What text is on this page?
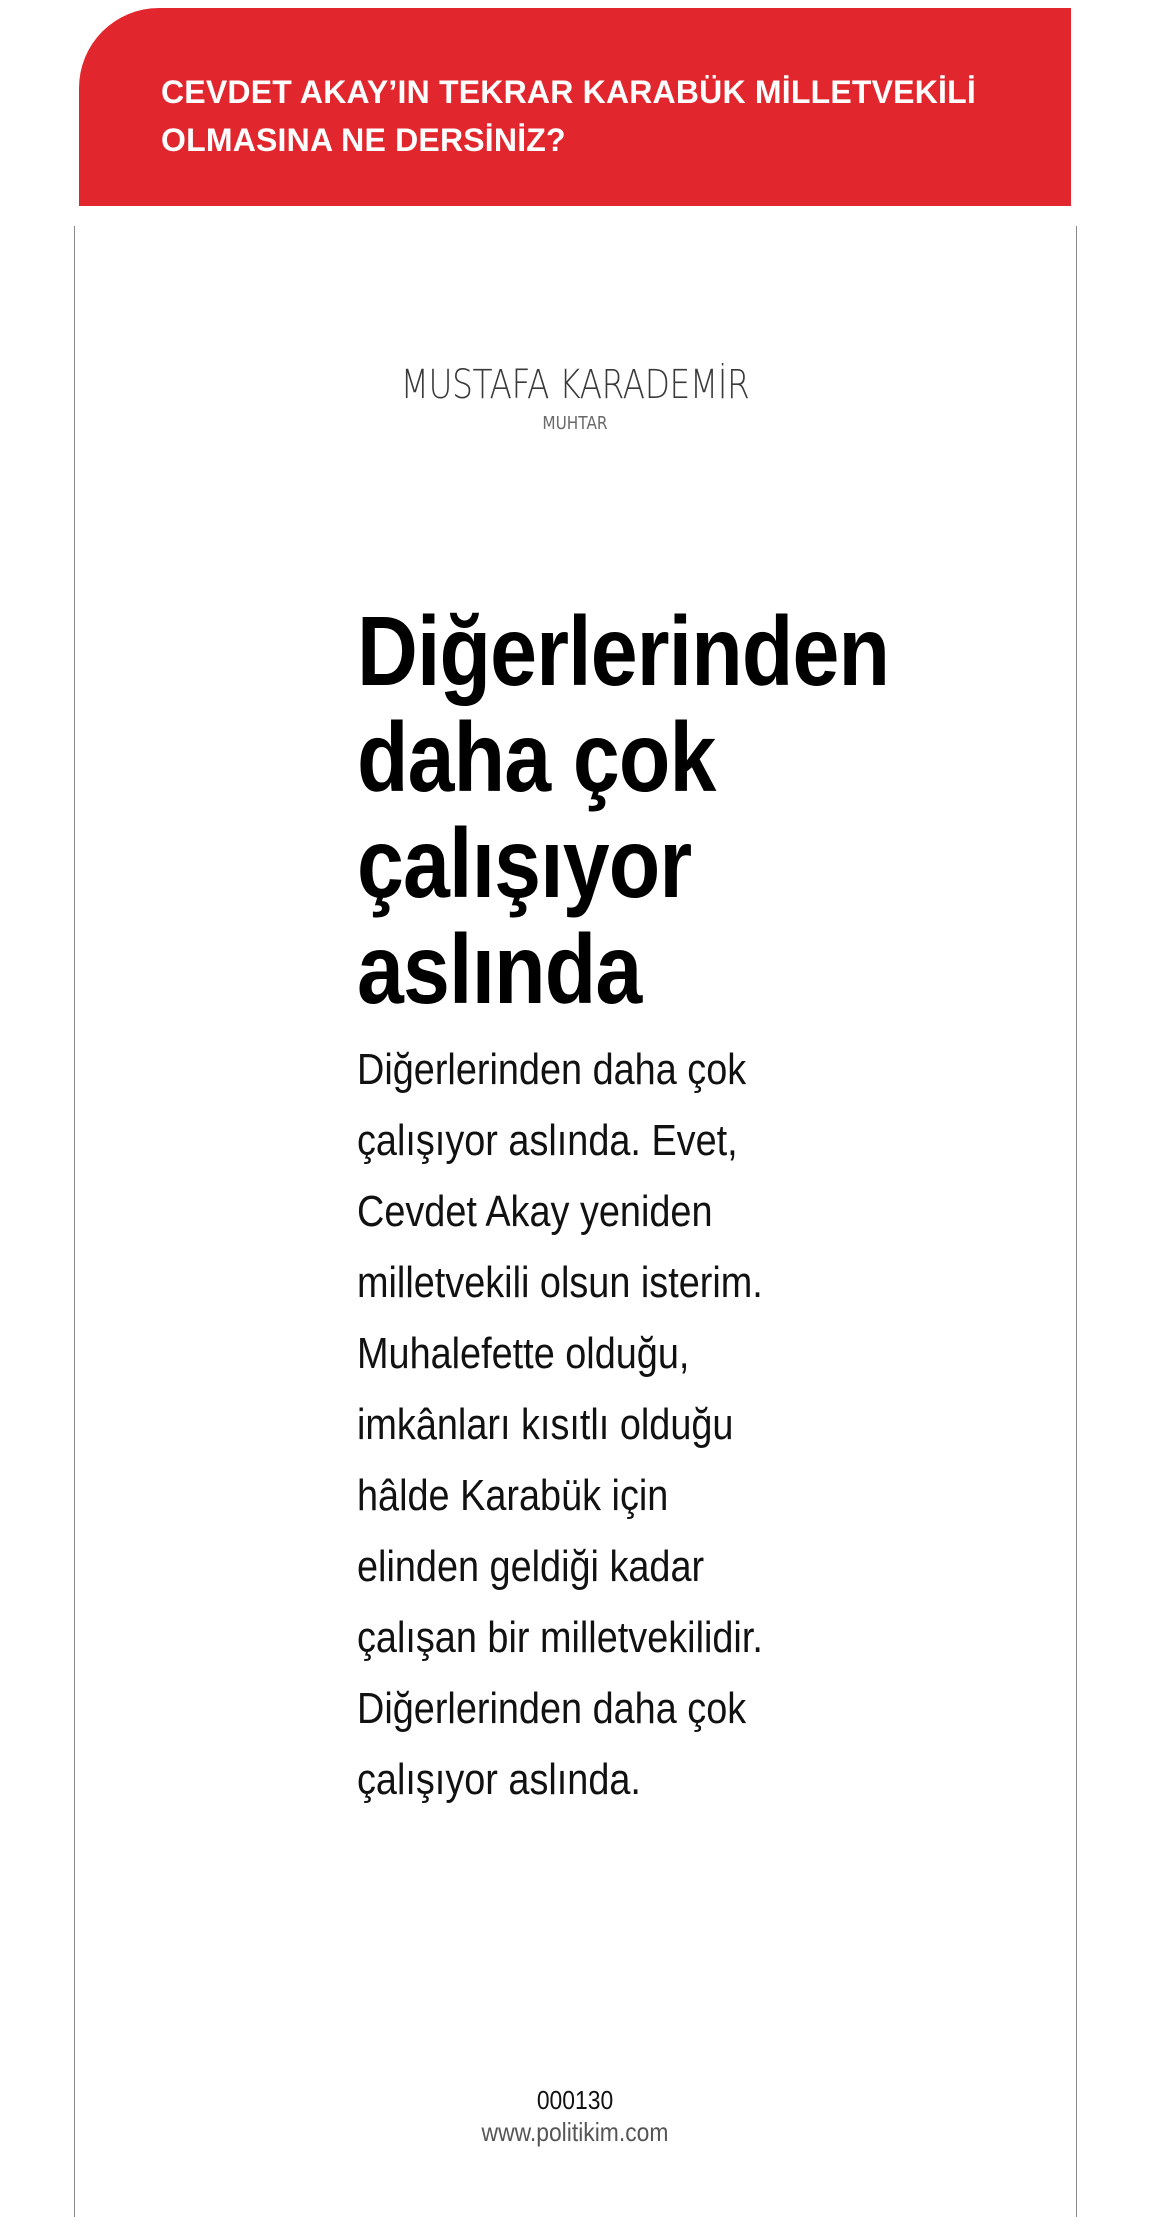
CEVDET AKAY’IN TEKRAR KARABÜK MİLLETVEKİLİ OLMASINA NE DERSİNİZ?
MUSTAFA KARADEMİR
MUHTAR
Diğerlerinden daha çok çalışıyor aslında

Diğerlerinden daha çok
çalışıyor aslında. Evet,
Cevdet Akay yeniden
milletvekili olsun isterim.
Muhalefette olduğu,
imkânları kısıtlı olduğu
hâlde Karabük için
elinden geldiği kadar
çalışan bir milletvekilidir.
Diğerlerinden daha çok
çalışıyor aslında.

000130
www.politikim.com
